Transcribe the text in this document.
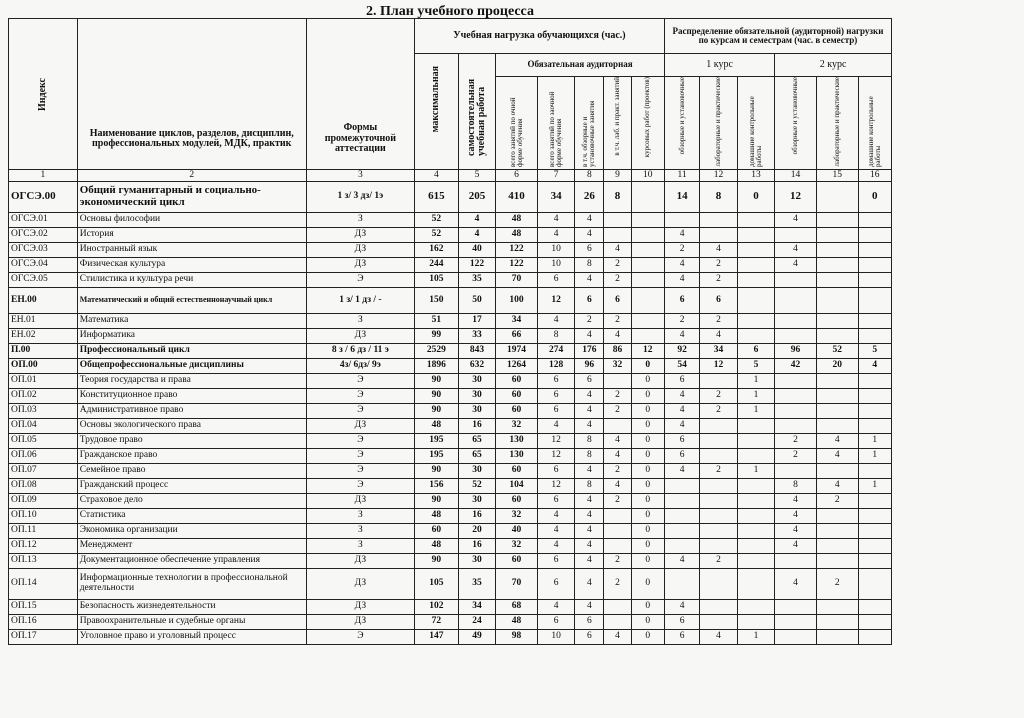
2. План учебного процесса
Индекс	Наименование циклов, разделов, дисциплин, профессиональных модулей, МДК, практик	Формы промежуточной аттестации	Учебная нагрузка обучающихся (час.)							Распределение обязательной (аудиторной) нагрузки по курсам и семестрам (час. в семестр)					

			максимальная	самостоятельная учебная работа	Обязательная аудиторная					1 курс			2 курс		

					всего занятий по очной форме обучения	всего занятий по заочной форме обучения	в т.ч. обзорные и установочные занятия	в т.ч. лаб. и практ. занятий	курсовых работ (проектов)	обзорные и установочные	лабораторные и практические	домашние контрольные работы	обзорные и установочные	лабораторные и практические	домашние контрольные работы

1	2	3	4	5	6	7	8	9	10	11	12	13	14	15	16
ОГСЭ.00	Общий гуманитарный и социально-экономический цикл	1 з/ 3 дз/ 1э	615	205	410	34	26	8		14	8	0	12		0
ОГСЭ.01	Основы философии	З	52	4	48	4	4						4		
ОГСЭ.02	История	ДЗ	52	4	48	4	4			4					
ОГСЭ.03	Иностранный язык	ДЗ	162	40	122	10	6	4		2	4		4		
ОГСЭ.04	Физическая культура	ДЗ	244	122	122	10	8	2		4	2		4		
ОГСЭ.05	Стилистика и культура речи	Э	105	35	70	6	4	2		4	2				
ЕН.00	Математический и общий естественнонаучный цикл	1 з/ 1 дз / -	150	50	100	12	6	6		6	6				
ЕН.01	Математика	З	51	17	34	4	2	2		2	2				
ЕН.02	Информатика	ДЗ	99	33	66	8	4	4		4	4				
П.00	Профессиональный цикл	8 з / 6 дз / 11 э	2529	843	1974	274	176	86	12	92	34	6	96	52	5
ОП.00	Общепрофессиональные дисциплины	4з/ 6дз/ 9э	1896	632	1264	128	96	32	0	54	12	5	42	20	4
ОП.01	Теория государства и права	Э	90	30	60	6	6		0	6		1			
ОП.02	Конституционное право	Э	90	30	60	6	4	2	0	4	2	1			
ОП.03	Административное право	Э	90	30	60	6	4	2	0	4	2	1			
ОП.04	Основы экологического права	ДЗ	48	16	32	4	4		0	4					
ОП.05	Трудовое право	Э	195	65	130	12	8	4	0	6			2	4	1
ОП.06	Гражданское право	Э	195	65	130	12	8	4	0	6			2	4	1
ОП.07	Семейное право	Э	90	30	60	6	4	2	0	4	2	1			
ОП.08	Гражданский процесс	Э	156	52	104	12	8	4	0				8	4	1
ОП.09	Страховое дело	ДЗ	90	30	60	6	4	2	0				4	2	
ОП.10	Статистика	З	48	16	32	4	4		0				4		
ОП.11	Экономика организации	З	60	20	40	4	4		0				4		
ОП.12	Менеджмент	З	48	16	32	4	4		0				4		
ОП.13	Документационное обеспечение управления	ДЗ	90	30	60	6	4	2	0	4	2				
ОП.14	Информационные технологии в профессиональной деятельности	ДЗ	105	35	70	6	4	2	0				4	2	
ОП.15	Безопасность жизнедеятельности	ДЗ	102	34	68	4	4		0	4					
ОП.16	Правоохранительные и судебные органы	ДЗ	72	24	48	6	6		0	6					
ОП.17	Уголовное право и уголовный процесс	Э	147	49	98	10	6	4	0	6	4	1			
